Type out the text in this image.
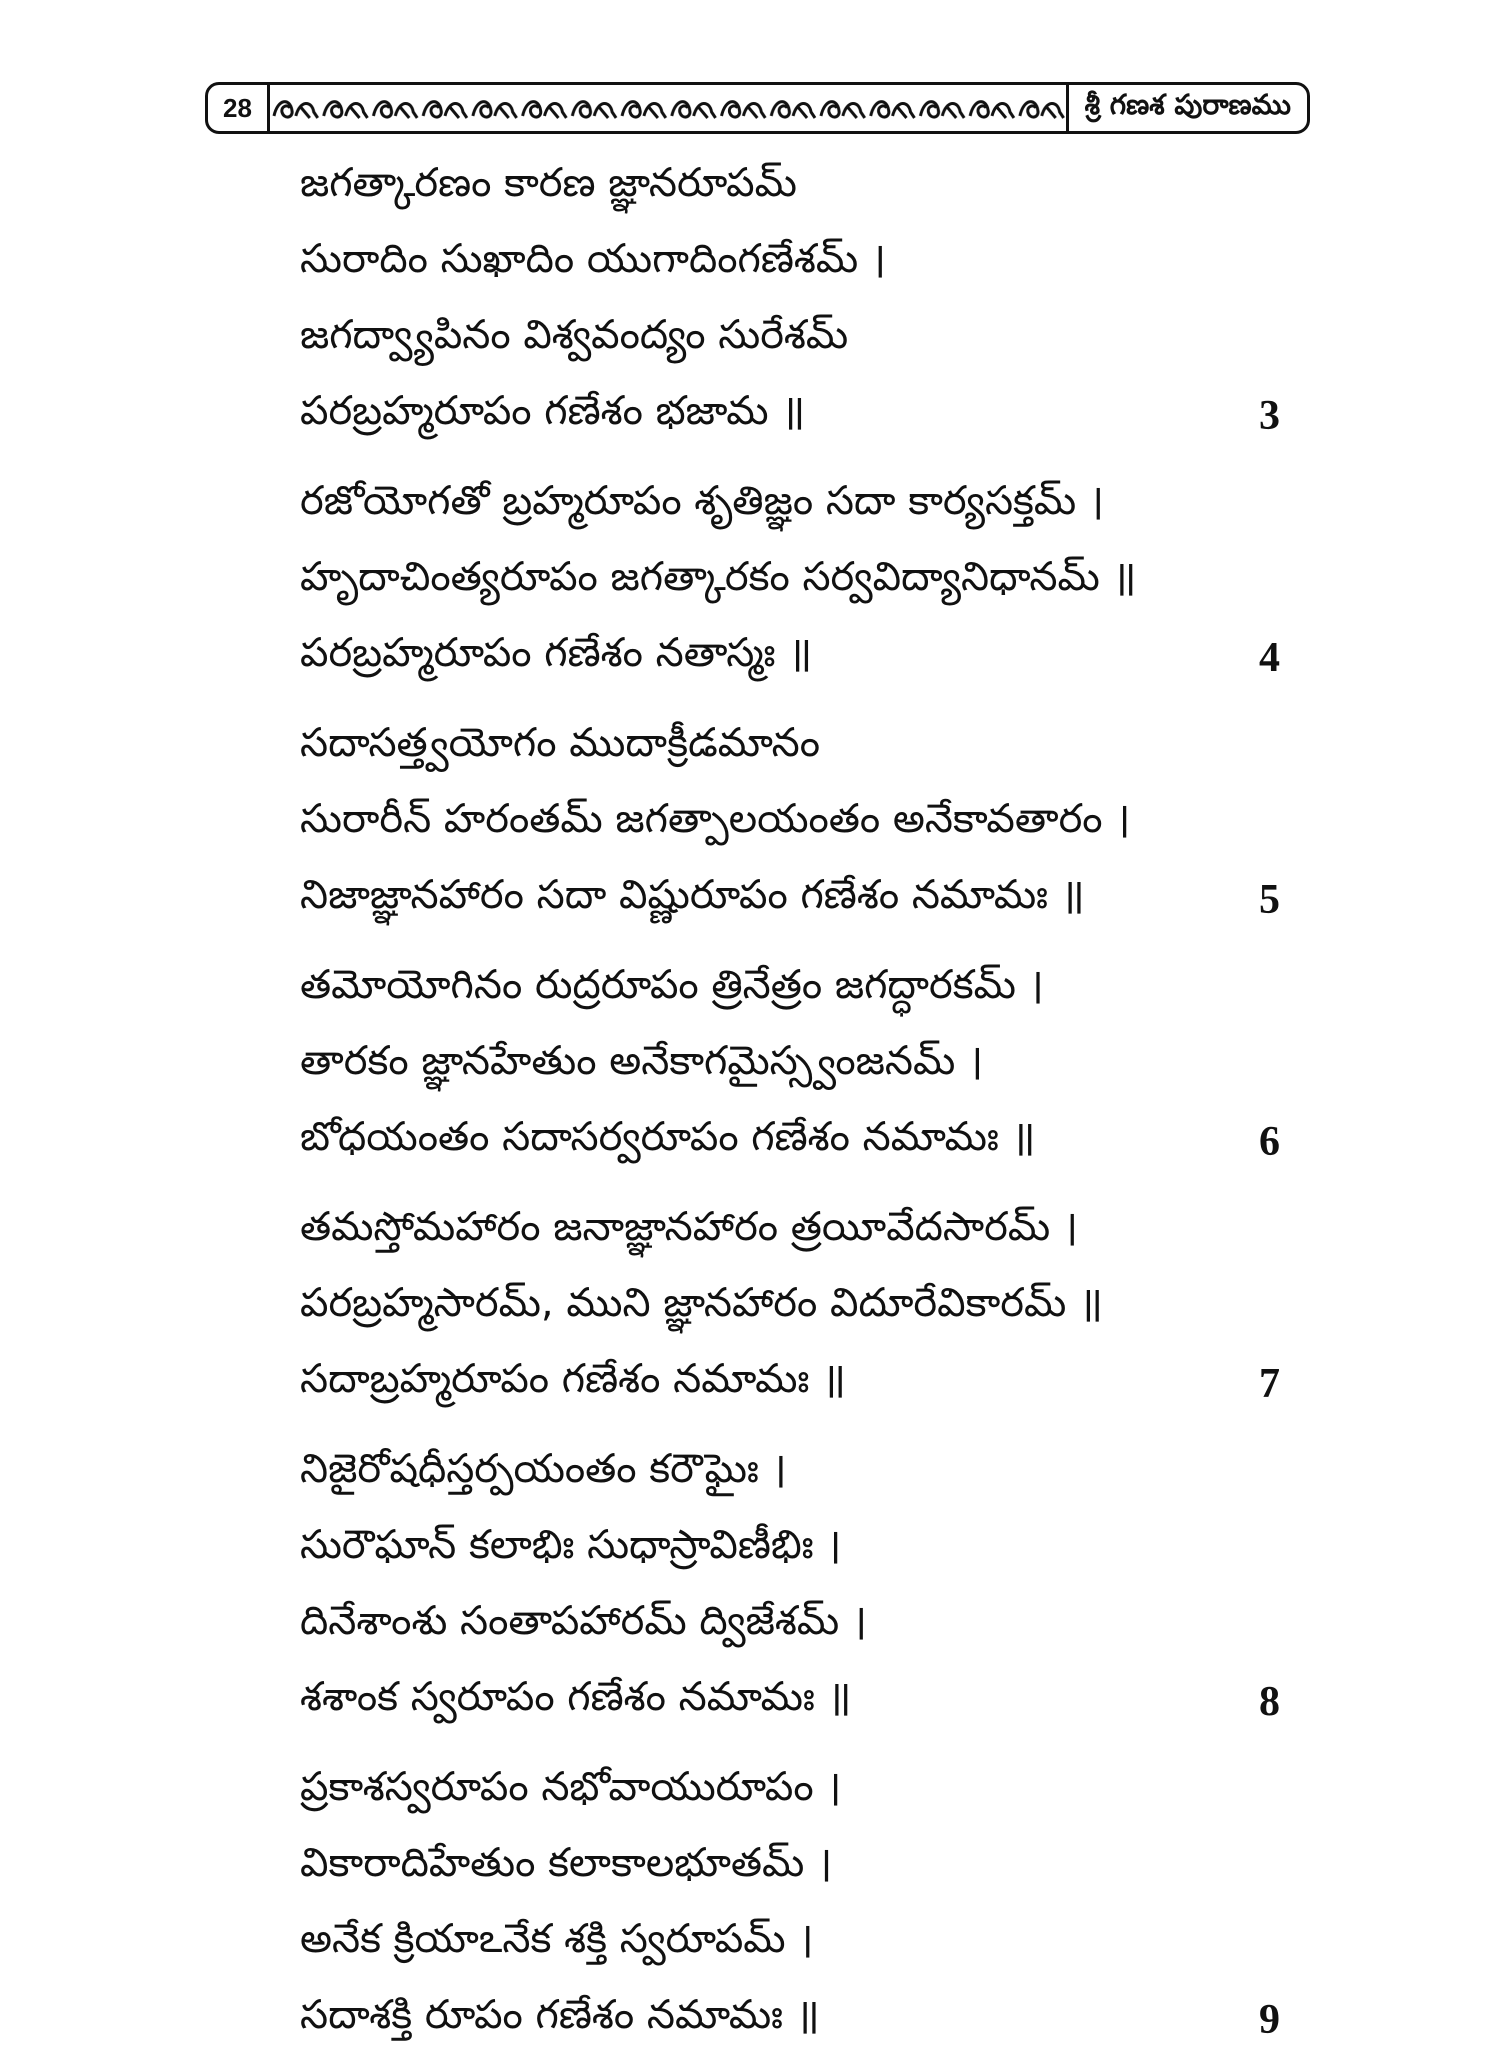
28	శ్రీ గణశ పురాణము
జగత్కారణం కారణ జ్ఞానరూపమ్
సురాదిం సుఖాదిం యుగాదింగణేశమ్ ।
జగద్వ్యాపినం విశ్వవంద్యం సురేశమ్
పరబ్రహ్మరూపం గణేశం భజామ ॥	3
రజోయోగతో బ్రహ్మరూపం శృతిజ్ఞం సదా కార్యసక్తమ్ ।
హృదాచింత్యరూపం జగత్కారకం సర్వవిద్యానిధానమ్ ॥
పరబ్రహ్మరూపం గణేశం నతాస్మః ॥	4
సదాసత్త్వయోగం ముదాక్రీడమానం
సురారీన్ హరంతమ్ జగత్పాలయంతం అనేకావతారం ।
నిజాజ్ఞానహారం సదా విష్ణురూపం గణేశం నమామః ॥	5
తమోయోగినం రుద్రరూపం త్రినేత్రం జగద్ధారకమ్ ।
తారకం జ్ఞానహేతుం అనేకాగమైస్స్వంజనమ్ ।
బోధయంతం సదాసర్వరూపం గణేశం నమామః ॥	6
తమస్తోమహారం జనాజ్ఞానహారం త్రయీవేదసారమ్ ।
పరబ్రహ్మసారమ్, ముని జ్ఞానహారం విదూరేవికారమ్ ॥
సదాబ్రహ్మరూపం గణేశం నమామః ॥	7
నిజైరోషధీస్తర్పయంతం కరౌఘైః ।
సురౌఘాన్ కలాభిః సుధాస్రావిణీభిః ।
దినేశాంశు సంతాపహారమ్ ద్విజేశమ్ ।
శశాంక స్వరూపం గణేశం నమామః ॥	8
ప్రకాశస్వరూపం నభోవాయురూపం ।
వికారాదిహేతుం కలాకాలభూతమ్ ।
అనేక క్రియాఽనేక శక్తి స్వరూపమ్ ।
సదాశక్తి రూపం గణేశం నమామః ॥	9
